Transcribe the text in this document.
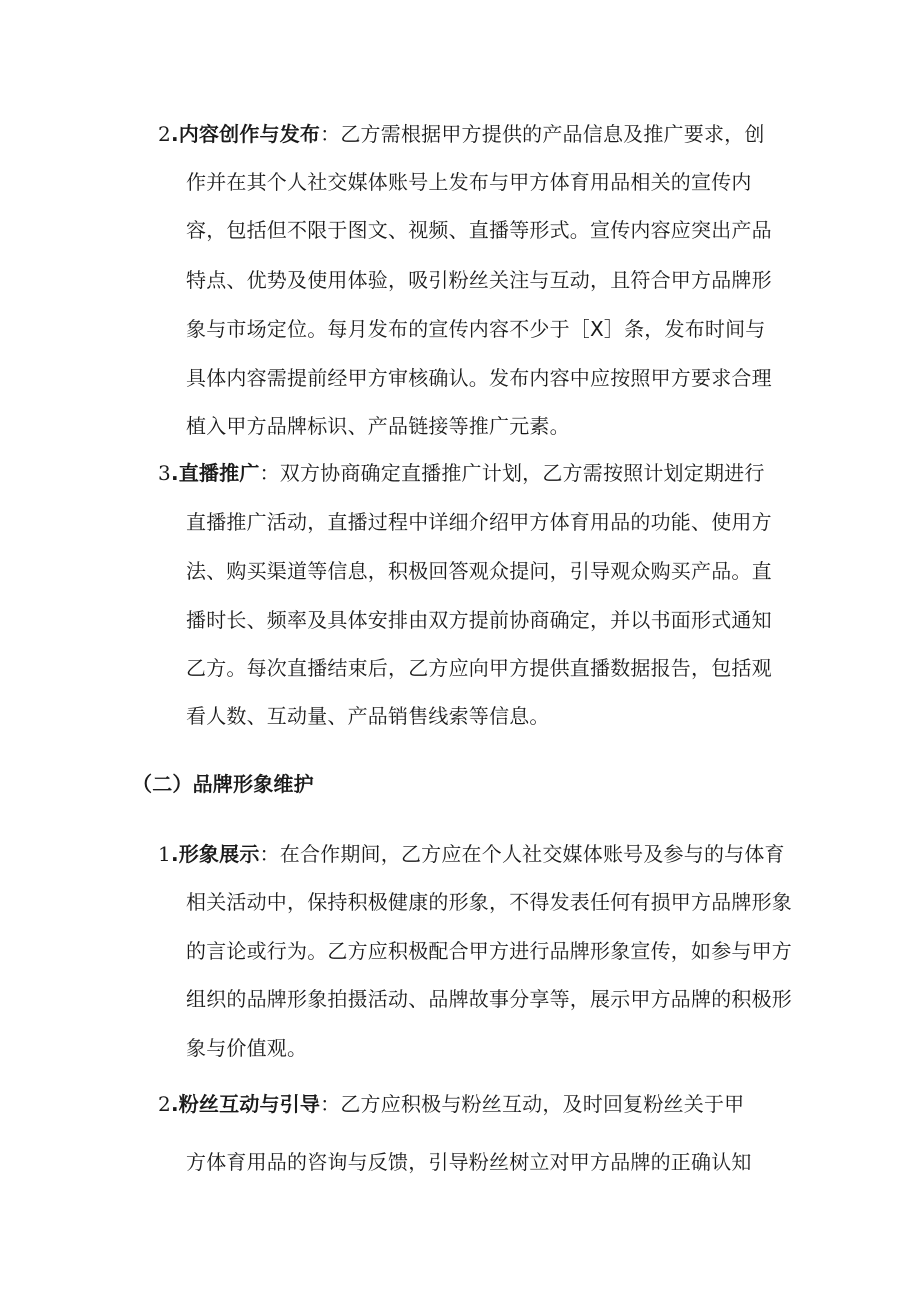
2.内容创作与发布：乙方需根据甲方提供的产品信息及推广要求，创
作并在其个人社交媒体账号上发布与甲方体育用品相关的宣传内
容，包括但不限于图文、视频、直播等形式。宣传内容应突出产品
特点、优势及使用体验，吸引粉丝关注与互动，且符合甲方品牌形
象与市场定位。每月发布的宣传内容不少于［X］条，发布时间与
具体内容需提前经甲方审核确认。发布内容中应按照甲方要求合理
植入甲方品牌标识、产品链接等推广元素。
3.直播推广：双方协商确定直播推广计划，乙方需按照计划定期进行
直播推广活动，直播过程中详细介绍甲方体育用品的功能、使用方
法、购买渠道等信息，积极回答观众提问，引导观众购买产品。直
播时长、频率及具体安排由双方提前协商确定，并以书面形式通知
乙方。每次直播结束后，乙方应向甲方提供直播数据报告，包括观
看人数、互动量、产品销售线索等信息。
（二）品牌形象维护
1.形象展示：在合作期间，乙方应在个人社交媒体账号及参与的与体育
相关活动中，保持积极健康的形象，不得发表任何有损甲方品牌形象
的言论或行为。乙方应积极配合甲方进行品牌形象宣传，如参与甲方
组织的品牌形象拍摄活动、品牌故事分享等，展示甲方品牌的积极形
象与价值观。
2.粉丝互动与引导：乙方应积极与粉丝互动，及时回复粉丝关于甲
方体育用品的咨询与反馈，引导粉丝树立对甲方品牌的正确认知
